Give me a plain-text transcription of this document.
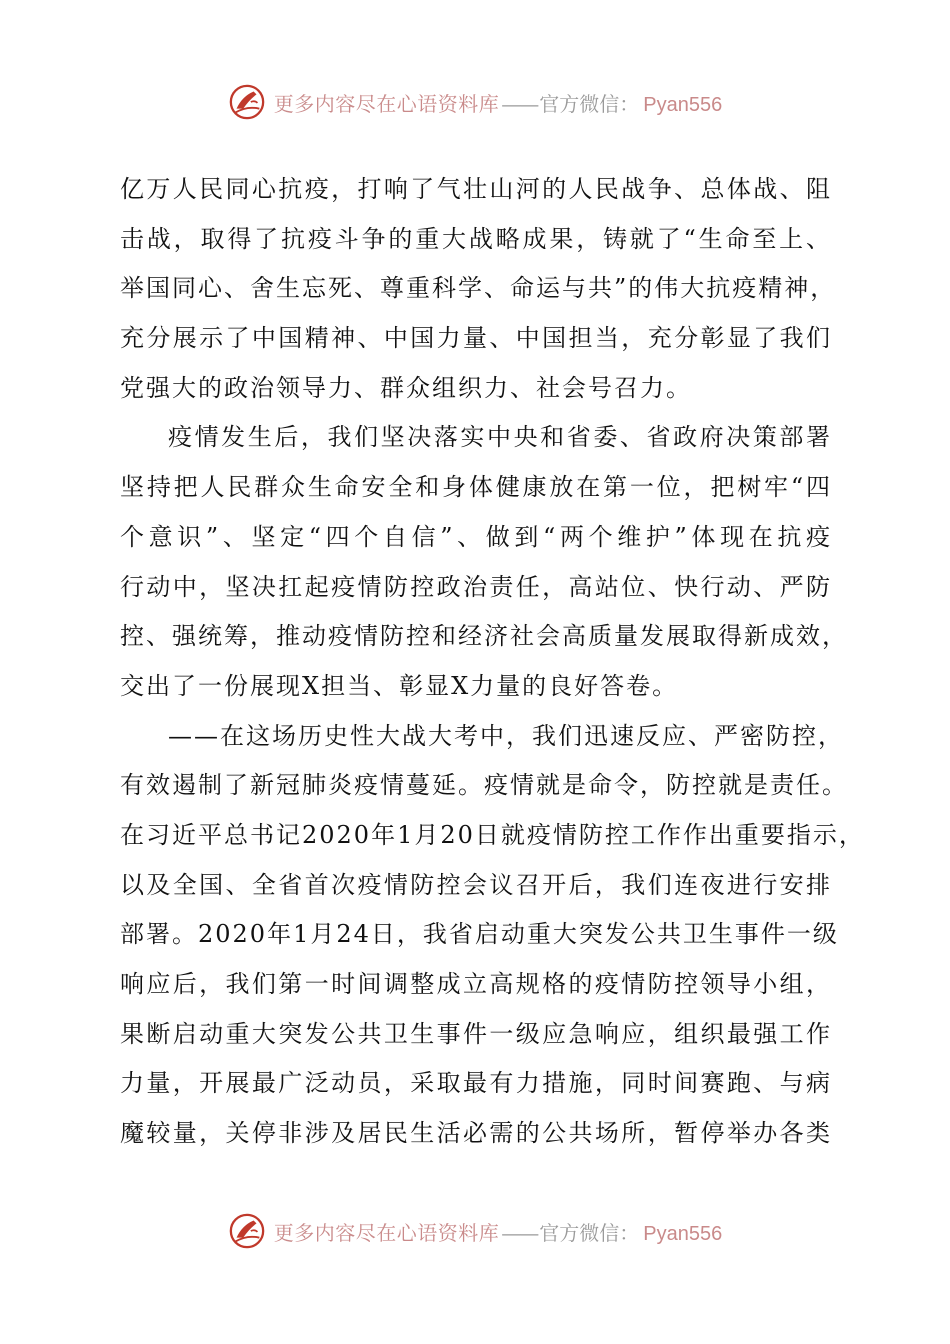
更多内容尽在心语资料库 —— 官方微信 ： Pyan556
亿万人民同心抗疫，打响了气壮山河的人民战争、总体战、阻
击战，取得了抗疫斗争的重大战略成果，铸就了“生命至上、
举国同心、舍生忘死、尊重科学、命运与共”的伟大抗疫精神，
充分展示了中国精神、中国力量、中国担当，充分彰显了我们
党强大的政治领导力、群众组织力、社会号召力。
疫情发生后，我们坚决落实中央和省委、省政府决策部署
坚持把人民群众生命安全和身体健康放在第一位，把树牢“四
个意识”、坚定“四个自信”、做到“两个维护”体现在抗疫
行动中，坚决扛起疫情防控政治责任，高站位、快行动、严防
控、强统筹，推动疫情防控和经济社会高质量发展取得新成效，
交出了一份展现X担当、彰显X力量的良好答卷。
——在这场历史性大战大考中，我们迅速反应、严密防控，
有效遏制了新冠肺炎疫情蔓延。疫情就是命令，防控就是责任。
在习近平总书记2020年1月20日就疫情防控工作作出重要指示，
以及全国、全省首次疫情防控会议召开后，我们连夜进行安排
部署。2020年1月24日，我省启动重大突发公共卫生事件一级
响应后，我们第一时间调整成立高规格的疫情防控领导小组，
果断启动重大突发公共卫生事件一级应急响应，组织最强工作
力量，开展最广泛动员，采取最有力措施，同时间赛跑、与病
魔较量，关停非涉及居民生活必需的公共场所，暂停举办各类
更多内容尽在心语资料库 —— 官方微信 ： Pyan556
